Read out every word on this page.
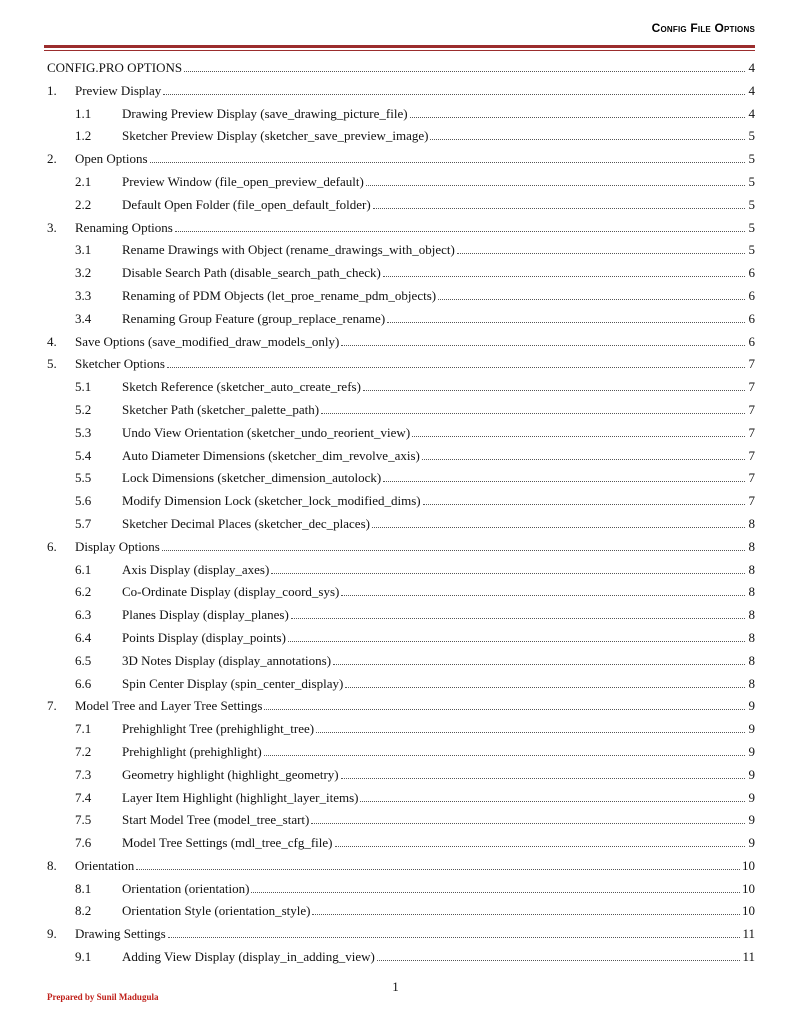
Config File Options
CONFIG.PRO OPTIONS	4
1.	Preview Display	4
1.1	Drawing Preview Display (save_drawing_picture_file)	4
1.2	Sketcher Preview Display (sketcher_save_preview_image)	5
2.	Open Options	5
2.1	Preview Window (file_open_preview_default)	5
2.2	Default Open Folder (file_open_default_folder)	5
3.	Renaming Options	5
3.1	Rename Drawings with Object (rename_drawings_with_object)	5
3.2	Disable Search Path (disable_search_path_check)	6
3.3	Renaming of PDM Objects (let_proe_rename_pdm_objects)	6
3.4	Renaming Group Feature (group_replace_rename)	6
4.	Save Options (save_modified_draw_models_only)	6
5.	Sketcher Options	7
5.1	Sketch Reference (sketcher_auto_create_refs)	7
5.2	Sketcher Path (sketcher_palette_path)	7
5.3	Undo View Orientation (sketcher_undo_reorient_view)	7
5.4	Auto Diameter Dimensions (sketcher_dim_revolve_axis)	7
5.5	Lock Dimensions (sketcher_dimension_autolock)	7
5.6	Modify Dimension Lock (sketcher_lock_modified_dims)	7
5.7	Sketcher Decimal Places (sketcher_dec_places)	8
6.	Display Options	8
6.1	Axis Display (display_axes)	8
6.2	Co-Ordinate Display (display_coord_sys)	8
6.3	Planes Display (display_planes)	8
6.4	Points Display (display_points)	8
6.5	3D Notes Display (display_annotations)	8
6.6	Spin Center Display (spin_center_display)	8
7.	Model Tree and Layer Tree Settings	9
7.1	Prehighlight Tree (prehighlight_tree)	9
7.2	Prehighlight (prehighlight)	9
7.3	Geometry highlight (highlight_geometry)	9
7.4	Layer Item Highlight (highlight_layer_items)	9
7.5	Start Model Tree (model_tree_start)	9
7.6	Model Tree Settings (mdl_tree_cfg_file)	9
8.	Orientation	10
8.1	Orientation (orientation)	10
8.2	Orientation Style (orientation_style)	10
9.	Drawing Settings	11
9.1	Adding View Display (display_in_adding_view)	11
1
Prepared by Sunil Madugula
